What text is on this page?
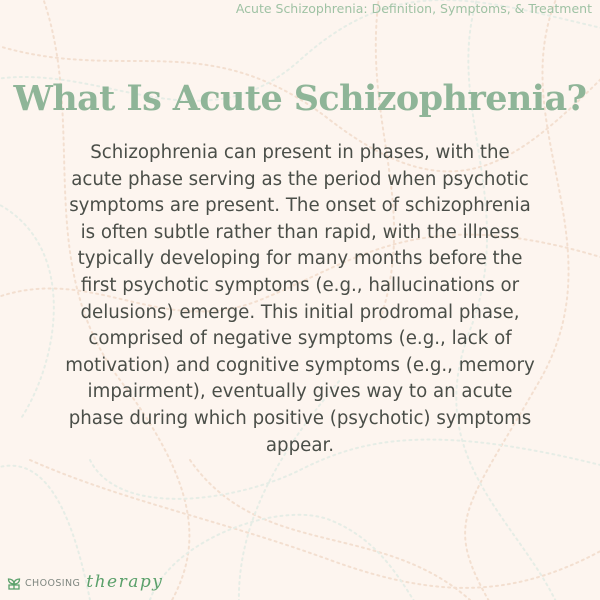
Acute Schizophrenia: Definition, Symptoms, & Treatment
What Is Acute Schizophrenia?
Schizophrenia can present in phases, with the
acute phase serving as the period when psychotic
symptoms are present. The onset of schizophrenia
is often subtle rather than rapid, with the illness
typically developing for many months before the
first psychotic symptoms (e.g., hallucinations or
delusions) emerge. This initial prodromal phase,
comprised of negative symptoms (e.g., lack of
motivation) and cognitive symptoms (e.g., memory
impairment), eventually gives way to an acute
phase during which positive (psychotic) symptoms
appear.
CHOOSING therapy
